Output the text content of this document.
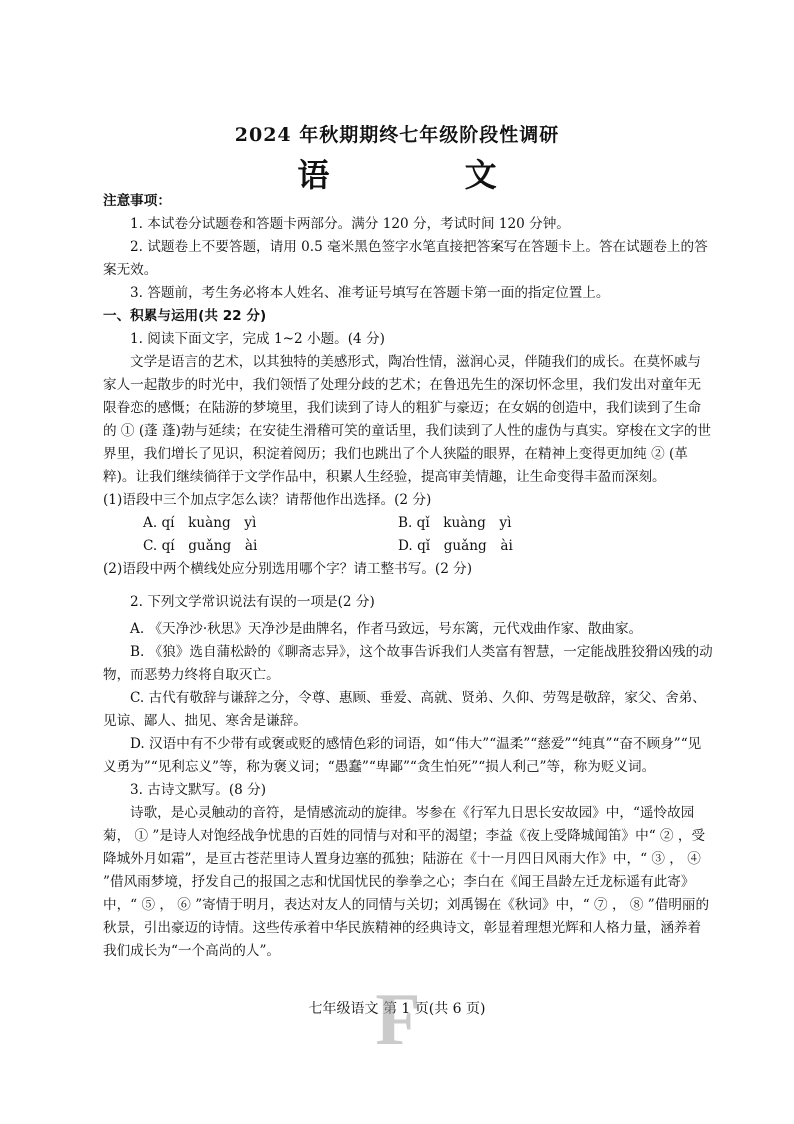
2024 年秋期期终七年级阶段性调研
语 文

注意事项：

1. 本试卷分试题卷和答题卡两部分。满分 120 分，考试时间 120 分钟。

2. 试题卷上不要答题，请用 0.5 毫米黑色签字水笔直接把答案写在答题卡上。答在试题卷上的答案无效。

3. 答题前，考生务必将本人姓名、准考证号填写在答题卡第一面的指定位置上。

一、积累与运用(共 22 分)

1. 阅读下面文字，完成 1~2 小题。(4 分)

文学是语言的艺术，以其独特的美感形式，陶冶性情，滋润心灵，伴随我们的成长。在莫怀戚与家人一起散步的时光中，我们领悟了处理分歧的艺术；在鲁迅先生的深切怀念里，我们发出对童年无限眷恋的感慨；在陆游的梦境里，我们读到了诗人的粗犷与豪迈；在女娲的创造中，我们读到了生命的 ① (蓬 蓬)勃与延续；在安徒生滑稽可笑的童话里，我们读到了人性的虚伪与真实。穿梭在文字的世界里，我们增长了见识，积淀着阅历；我们也跳出了个人狭隘的眼界，在精神上变得更加纯 ② (革 粹)。让我们继续徜徉于文学作品中，积累人生经验，提高审美情趣，让生命变得丰盈而深刻。

(1)语段中三个加点字怎么读？请帮他作出选择。(2 分)

A. qí　kuàng　yì	B. qǐ　kuàng　yì
C. qí　guǎng　ài	D. qǐ　guǎng　ài

(2)语段中两个横线处应分别选用哪个字？请工整书写。(2 分)

2. 下列文学常识说法有误的一项是(2 分)

A. 《天净沙·秋思》天净沙是曲牌名，作者马致远，号东篱，元代戏曲作家、散曲家。

B. 《狼》选自蒲松龄的《聊斋志异》，这个故事告诉我们人类富有智慧，一定能战胜狡猾凶残的动物，而恶势力终将自取灭亡。

C. 古代有敬辞与谦辞之分，令尊、惠顾、垂爱、高就、贤弟、久仰、劳驾是敬辞，家父、舍弟、见谅、鄙人、拙见、寒舍是谦辞。

D. 汉语中有不少带有或褒或贬的感情色彩的词语，如“伟大”“温柔”“慈爱”“纯真”“奋不顾身”“见义勇为”“见利忘义”等，称为褒义词；“愚蠢”“卑鄙”“贪生怕死”“损人利己”等，称为贬义词。

3. 古诗文默写。(8 分)

诗歌，是心灵触动的音符，是情感流动的旋律。岑参在《行军九日思长安故园》中，“遥怜故园菊， ① ”是诗人对饱经战争忧患的百姓的同情与对和平的渴望；李益《夜上受降城闻笛》中“ ② ，受降城外月如霜”，是亘古苍茫里诗人置身边塞的孤独；陆游在《十一月四日风雨大作》中，“ ③ ， ④ ”借风雨梦境，抒发自己的报国之志和忧国忧民的拳拳之心；李白在《闻王昌龄左迁龙标遥有此寄》中，“ ⑤ ， ⑥ ”寄情于明月，表达对友人的同情与关切；刘禹锡在《秋词》中，“ ⑦ ， ⑧ ”借明丽的秋景，引出豪迈的诗情。这些传承着中华民族精神的经典诗文，彰显着理想光辉和人格力量，涵养着我们成长为“一个高尚的人”。

七年级语文 第 1 页(共 6 页)
F
